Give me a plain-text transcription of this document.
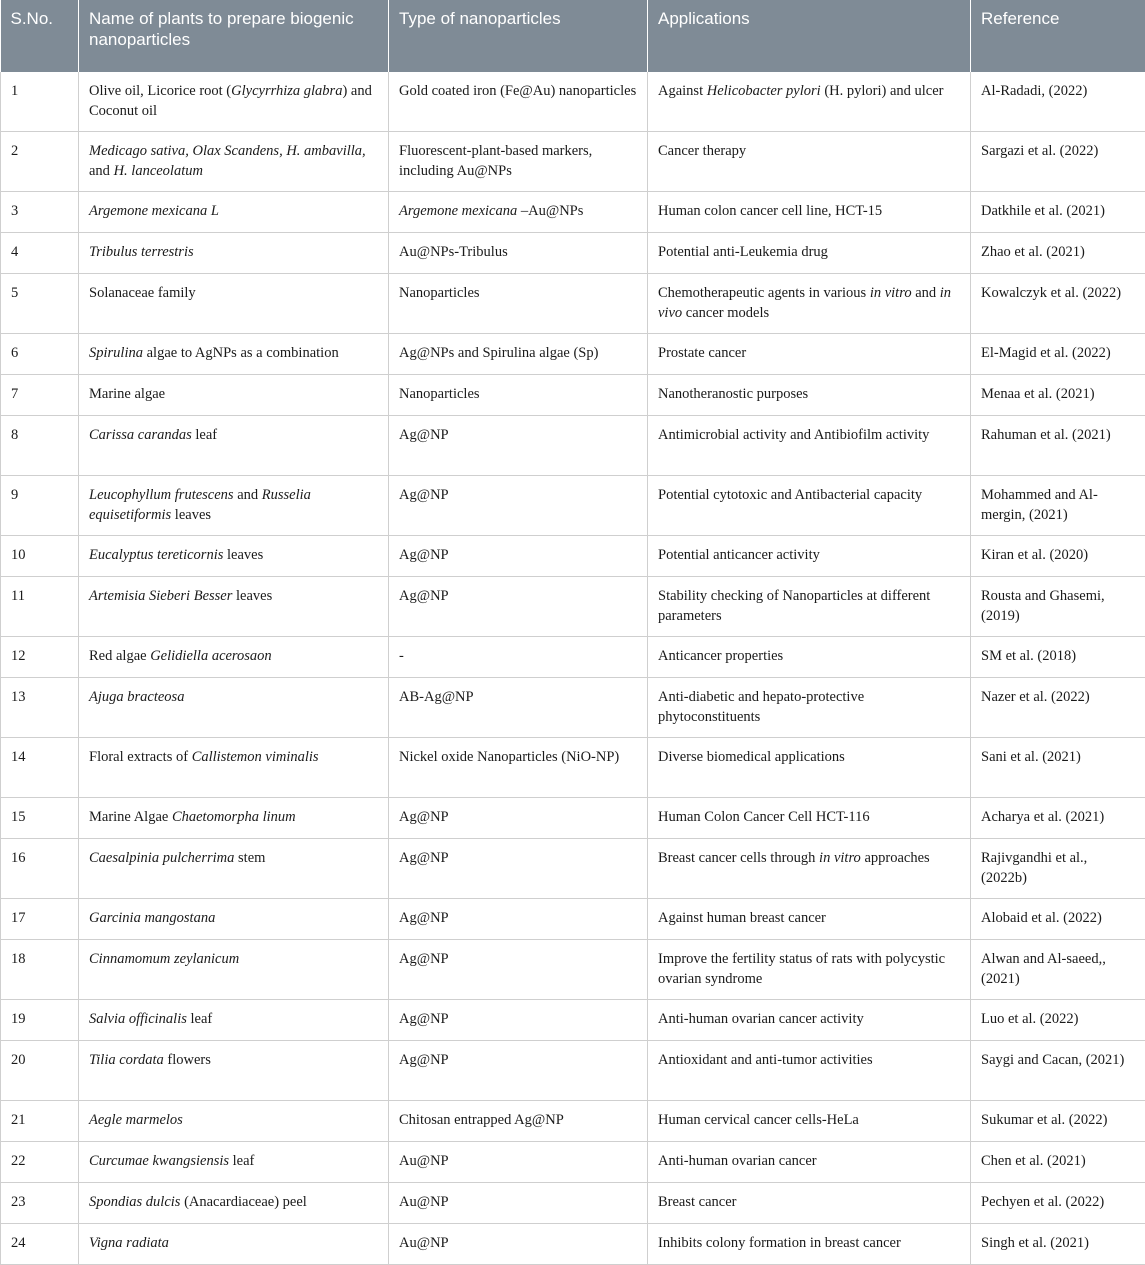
S.No.	Name of plants to prepare biogenic nanoparticles	Type of nanoparticles	Applications	Reference
1	Olive oil, Licorice root (Glycyrrhiza glabra) and Coconut oil	Gold coated iron (Fe@Au) nanoparticles	Against Helicobacter pylori (H. pylori) and ulcer	Al-Radadi, (2022)
2	Medicago sativa, Olax Scandens, H. ambavilla, and H. lanceolatum	Fluorescent-plant-based markers, including Au@NPs	Cancer therapy	Sargazi et al. (2022)
3	Argemone mexicana L	Argemone mexicana –Au@NPs	Human colon cancer cell line, HCT-15	Datkhile et al. (2021)
4	Tribulus terrestris	Au@NPs-Tribulus	Potential anti-Leukemia drug	Zhao et al. (2021)
5	Solanaceae family	Nanoparticles	Chemotherapeutic agents in various in vitro and in vivo cancer models	Kowalczyk et al. (2022)
6	Spirulina algae to AgNPs as a combination	Ag@NPs and Spirulina algae (Sp)	Prostate cancer	El-Magid et al. (2022)
7	Marine algae	Nanoparticles	Nanotheranostic purposes	Menaa et al. (2021)
8	Carissa carandas leaf	Ag@NP	Antimicrobial activity and Antibiofilm activity	Rahuman et al. (2021)
9	Leucophyllum frutescens and Russelia equisetiformis leaves	Ag@NP	Potential cytotoxic and Antibacterial capacity	Mohammed and Al-mergin, (2021)
10	Eucalyptus tereticornis leaves	Ag@NP	Potential anticancer activity	Kiran et al. (2020)
11	Artemisia Sieberi Besser leaves	Ag@NP	Stability checking of Nanoparticles at different parameters	Rousta and Ghasemi, (2019)
12	Red algae Gelidiella acerosaon	-	Anticancer properties	SM et al. (2018)
13	Ajuga bracteosa	AB-Ag@NP	Anti-diabetic and hepato-protective phytoconstituents	Nazer et al. (2022)
14	Floral extracts of Callistemon viminalis	Nickel oxide Nanoparticles (NiO-NP)	Diverse biomedical applications	Sani et al. (2021)
15	Marine Algae Chaetomorpha linum	Ag@NP	Human Colon Cancer Cell HCT-116	Acharya et al. (2021)
16	Caesalpinia pulcherrima stem	Ag@NP	Breast cancer cells through in vitro approaches	Rajivgandhi et al., (2022b)
17	Garcinia mangostana	Ag@NP	Against human breast cancer	Alobaid et al. (2022)
18	Cinnamomum zeylanicum	Ag@NP	Improve the fertility status of rats with polycystic ovarian syndrome	Alwan and Al-saeed,, (2021)
19	Salvia officinalis leaf	Ag@NP	Anti-human ovarian cancer activity	Luo et al. (2022)
20	Tilia cordata flowers	Ag@NP	Antioxidant and anti-tumor activities	Saygi and Cacan, (2021)
21	Aegle marmelos	Chitosan entrapped Ag@NP	Human cervical cancer cells-HeLa	Sukumar et al. (2022)
22	Curcumae kwangsiensis leaf	Au@NP	Anti-human ovarian cancer	Chen et al. (2021)
23	Spondias dulcis (Anacardiaceae) peel	Au@NP	Breast cancer	Pechyen et al. (2022)
24	Vigna radiata	Au@NP	Inhibits colony formation in breast cancer	Singh et al. (2021)
